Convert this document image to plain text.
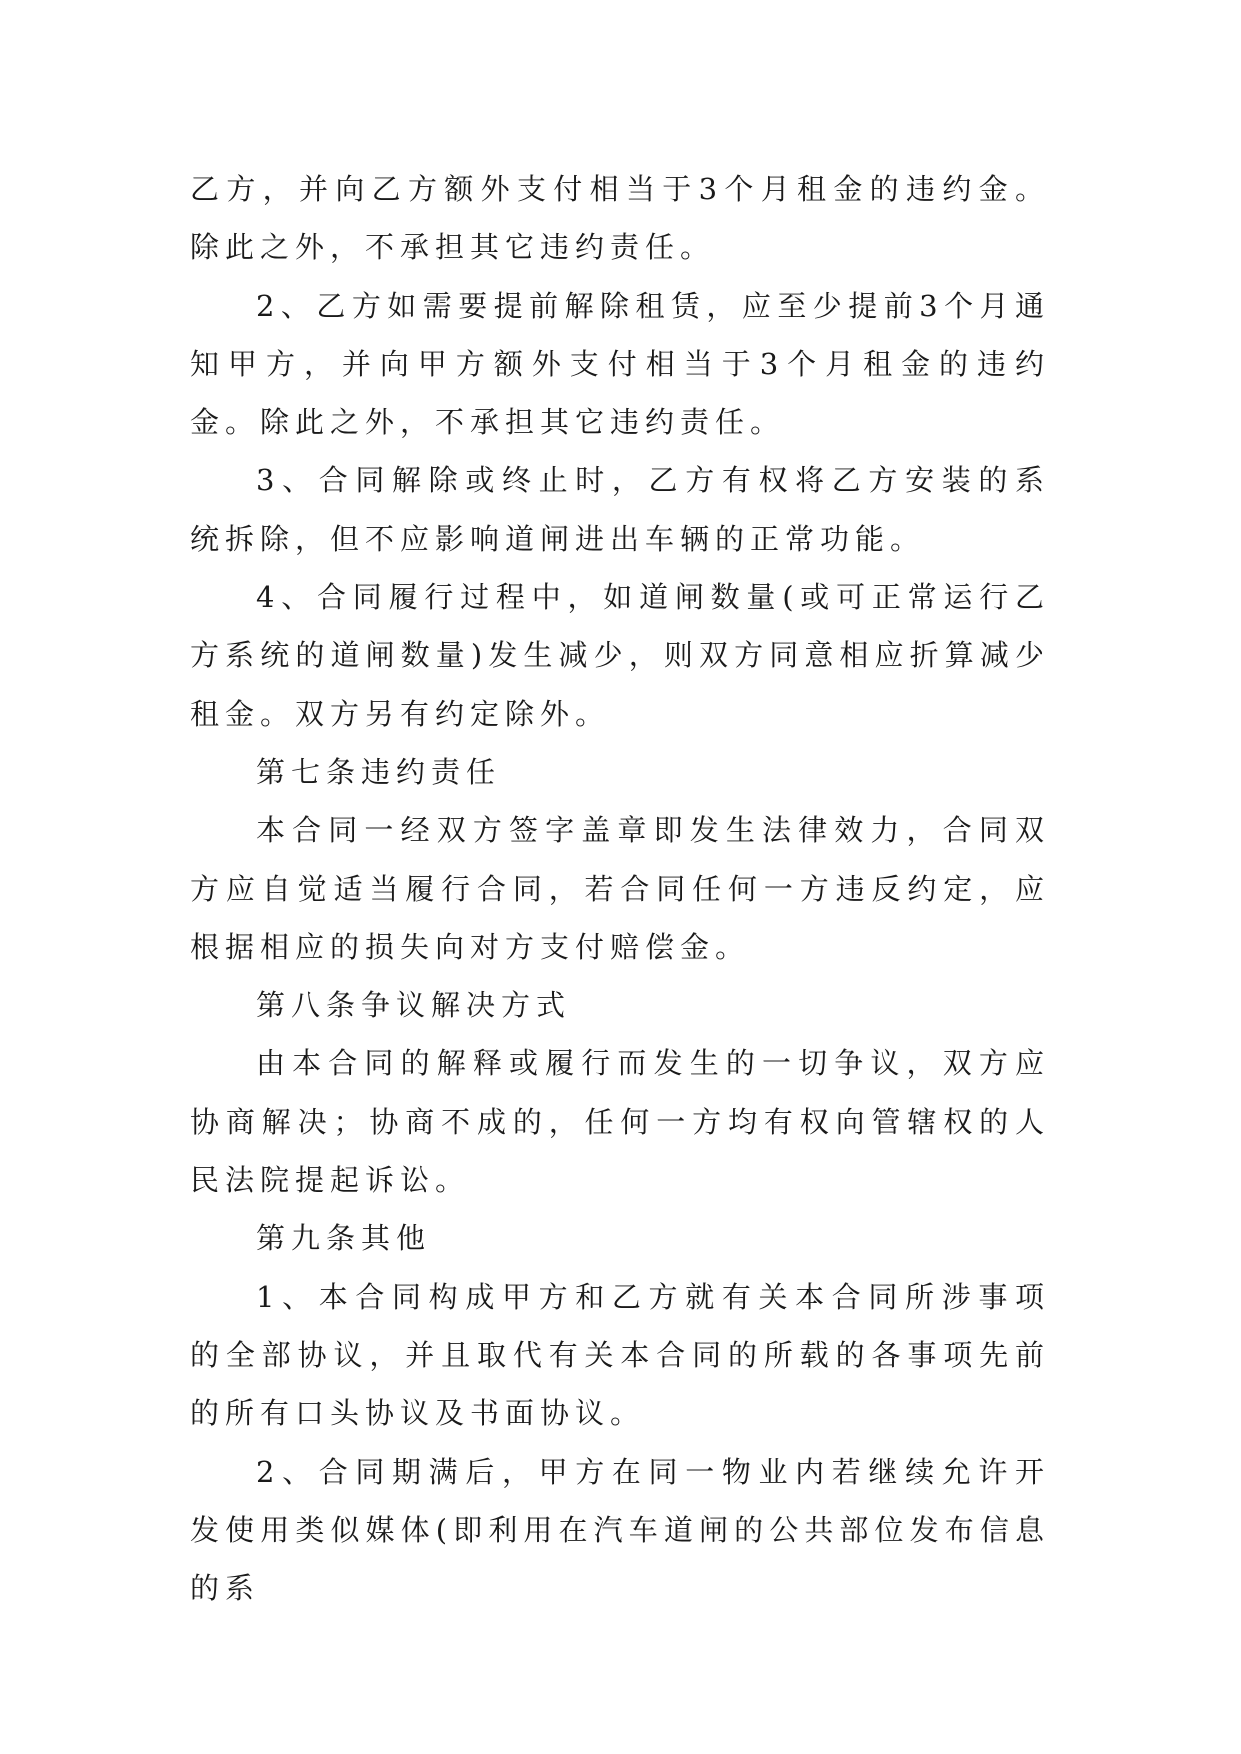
乙方，并向乙方额外支付相当于3个月租金的违约金。除此之外，不承担其它违约责任。

2、乙方如需要提前解除租赁，应至少提前3个月通知甲方，并向甲方额外支付相当于3个月租金的违约金。除此之外，不承担其它违约责任。

3、合同解除或终止时，乙方有权将乙方安装的系统拆除，但不应影响道闸进出车辆的正常功能。

4、合同履行过程中，如道闸数量(或可正常运行乙方系统的道闸数量)发生减少，则双方同意相应折算减少租金。双方另有约定除外。

第七条违约责任

本合同一经双方签字盖章即发生法律效力，合同双方应自觉适当履行合同，若合同任何一方违反约定，应根据相应的损失向对方支付赔偿金。

第八条争议解决方式

由本合同的解释或履行而发生的一切争议，双方应协商解决；协商不成的，任何一方均有权向管辖权的人民法院提起诉讼。

第九条其他

1、本合同构成甲方和乙方就有关本合同所涉事项的全部协议，并且取代有关本合同的所载的各事项先前的所有口头协议及书面协议。

2、合同期满后，甲方在同一物业内若继续允许开发使用类似媒体(即利用在汽车道闸的公共部位发布信息的系
